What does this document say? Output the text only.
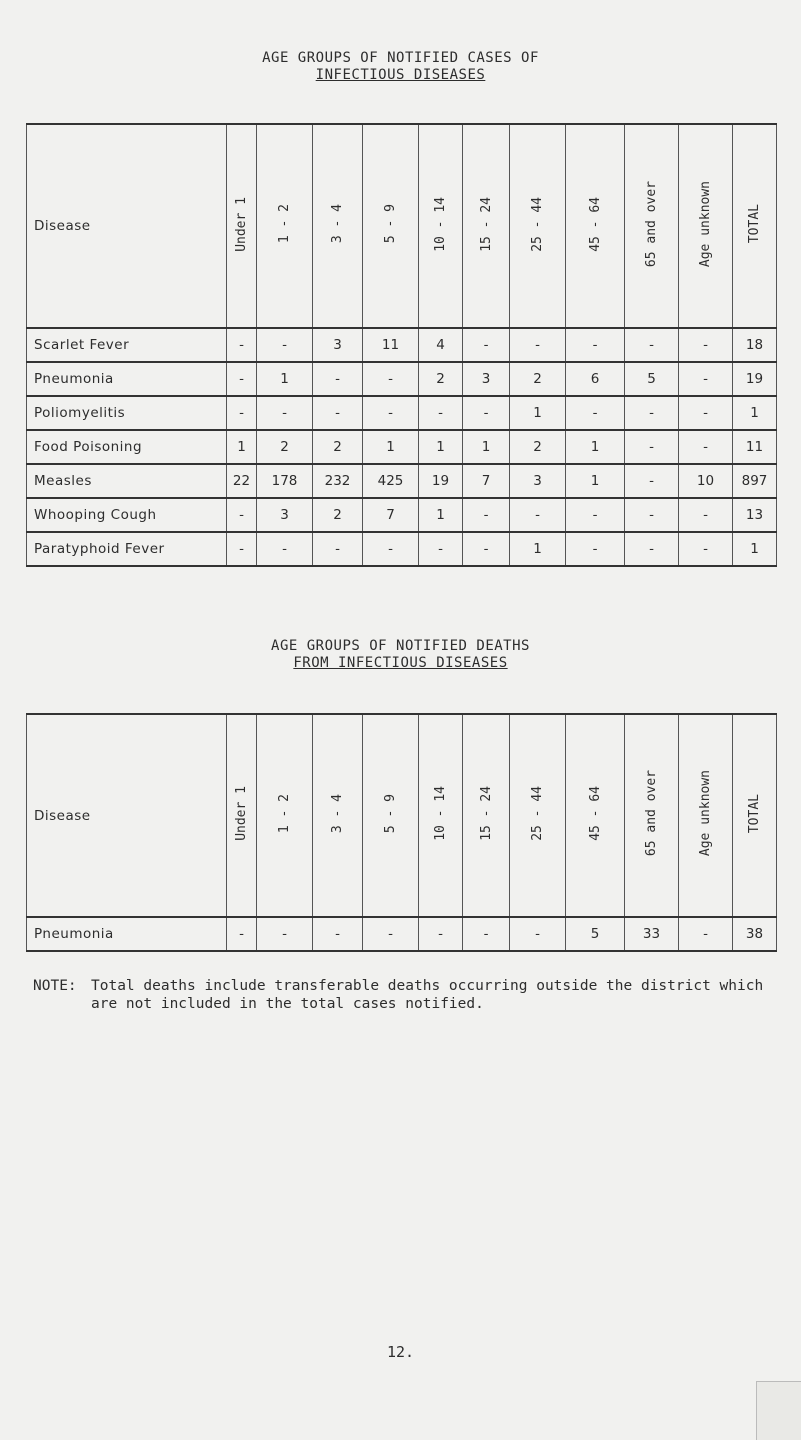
AGE GROUPS OF NOTIFIED CASES OF
INFECTIOUS DISEASES
Disease	Under 1	1 - 2	3 - 4	5 - 9	10 - 14	15 - 24	25 - 44	45 - 64	65 and over	Age unknown	TOTAL
Scarlet Fever	-	-	3	11	4	-	-	-	-	-	18
Pneumonia	-	1	-	-	2	3	2	6	5	-	19
Poliomyelitis	-	-	-	-	-	-	1	-	-	-	1
Food Poisoning	1	2	2	1	1	1	2	1	-	-	11
Measles	22	178	232	425	19	7	3	1	-	10	897
Whooping Cough	-	3	2	7	1	-	-	-	-	-	13
Paratyphoid Fever	-	-	-	-	-	-	1	-	-	-	1
AGE GROUPS OF NOTIFIED DEATHS
FROM INFECTIOUS DISEASES
Disease	Under 1	1 - 2	3 - 4	5 - 9	10 - 14	15 - 24	25 - 44	45 - 64	65 and over	Age unknown	TOTAL
Pneumonia	-	-	-	-	-	-	-	5	33	-	38
NOTE: Total deaths include transferable deaths occurring outside the district which are not included in the total cases notified.
12.
